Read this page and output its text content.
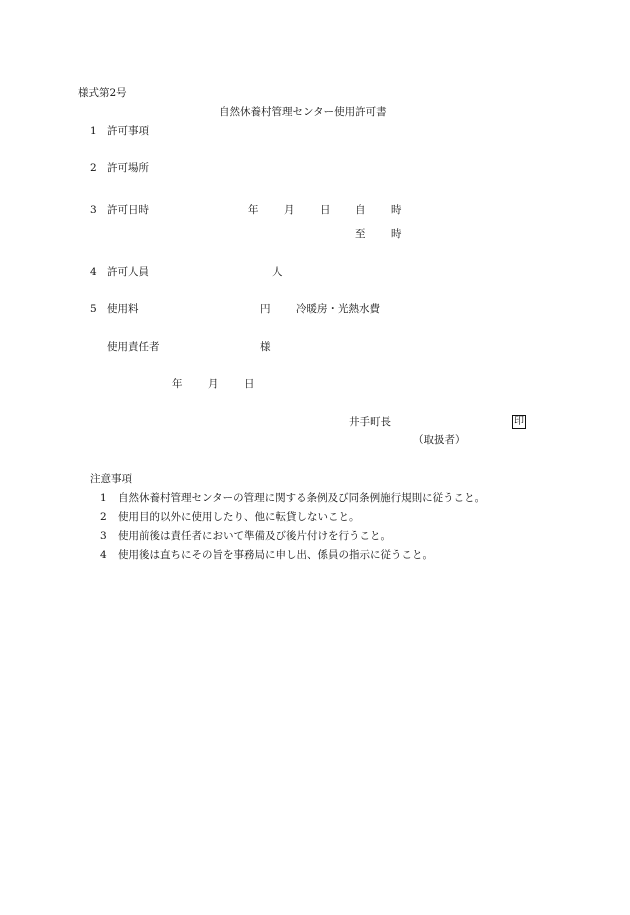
様式第2号
自然休養村管理センター使用許可書
1 許可事項
2 許可場所
3 許可日時	年 月 日 自 時
至 時
4 許可人員	人
5 使用料	円 冷暖房・光熱水費
使用責任者	様
年 月 日
井手町長	印
（取扱者）
注意事項
1 自然休養村管理センターの管理に関する条例及び同条例施行規則に従うこと。
2 使用目的以外に使用したり、他に転貸しないこと。
3 使用前後は責任者において準備及び後片付けを行うこと。
4 使用後は直ちにその旨を事務局に申し出、係員の指示に従うこと。
